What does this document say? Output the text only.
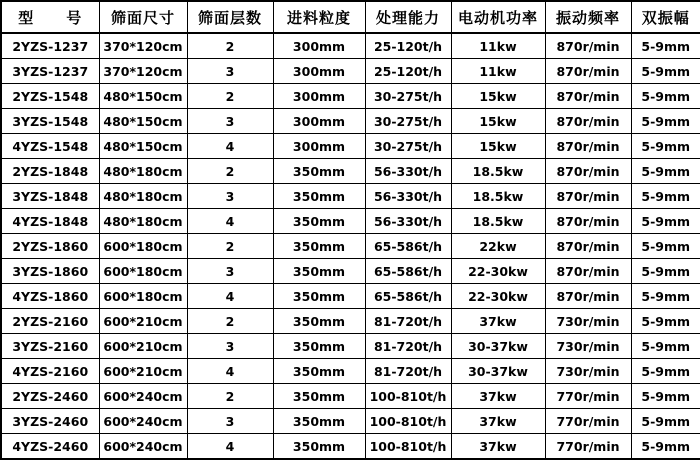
型　　号	筛面尺寸	筛面层数	进料粒度	处理能力	电动机功率	振动频率	双振幅
2YZS-1237	370*120cm	2	300mm	25-120t/h	11kw	870r/min	5-9mm
3YZS-1237	370*120cm	3	300mm	25-120t/h	11kw	870r/min	5-9mm
2YZS-1548	480*150cm	2	300mm	30-275t/h	15kw	870r/min	5-9mm
3YZS-1548	480*150cm	3	300mm	30-275t/h	15kw	870r/min	5-9mm
4YZS-1548	480*150cm	4	300mm	30-275t/h	15kw	870r/min	5-9mm
2YZS-1848	480*180cm	2	350mm	56-330t/h	18.5kw	870r/min	5-9mm
3YZS-1848	480*180cm	3	350mm	56-330t/h	18.5kw	870r/min	5-9mm
4YZS-1848	480*180cm	4	350mm	56-330t/h	18.5kw	870r/min	5-9mm
2YZS-1860	600*180cm	2	350mm	65-586t/h	22kw	870r/min	5-9mm
3YZS-1860	600*180cm	3	350mm	65-586t/h	22-30kw	870r/min	5-9mm
4YZS-1860	600*180cm	4	350mm	65-586t/h	22-30kw	870r/min	5-9mm
2YZS-2160	600*210cm	2	350mm	81-720t/h	37kw	730r/min	5-9mm
3YZS-2160	600*210cm	3	350mm	81-720t/h	30-37kw	730r/min	5-9mm
4YZS-2160	600*210cm	4	350mm	81-720t/h	30-37kw	730r/min	5-9mm
2YZS-2460	600*240cm	2	350mm	100-810t/h	37kw	770r/min	5-9mm
3YZS-2460	600*240cm	3	350mm	100-810t/h	37kw	770r/min	5-9mm
4YZS-2460	600*240cm	4	350mm	100-810t/h	37kw	770r/min	5-9mm
